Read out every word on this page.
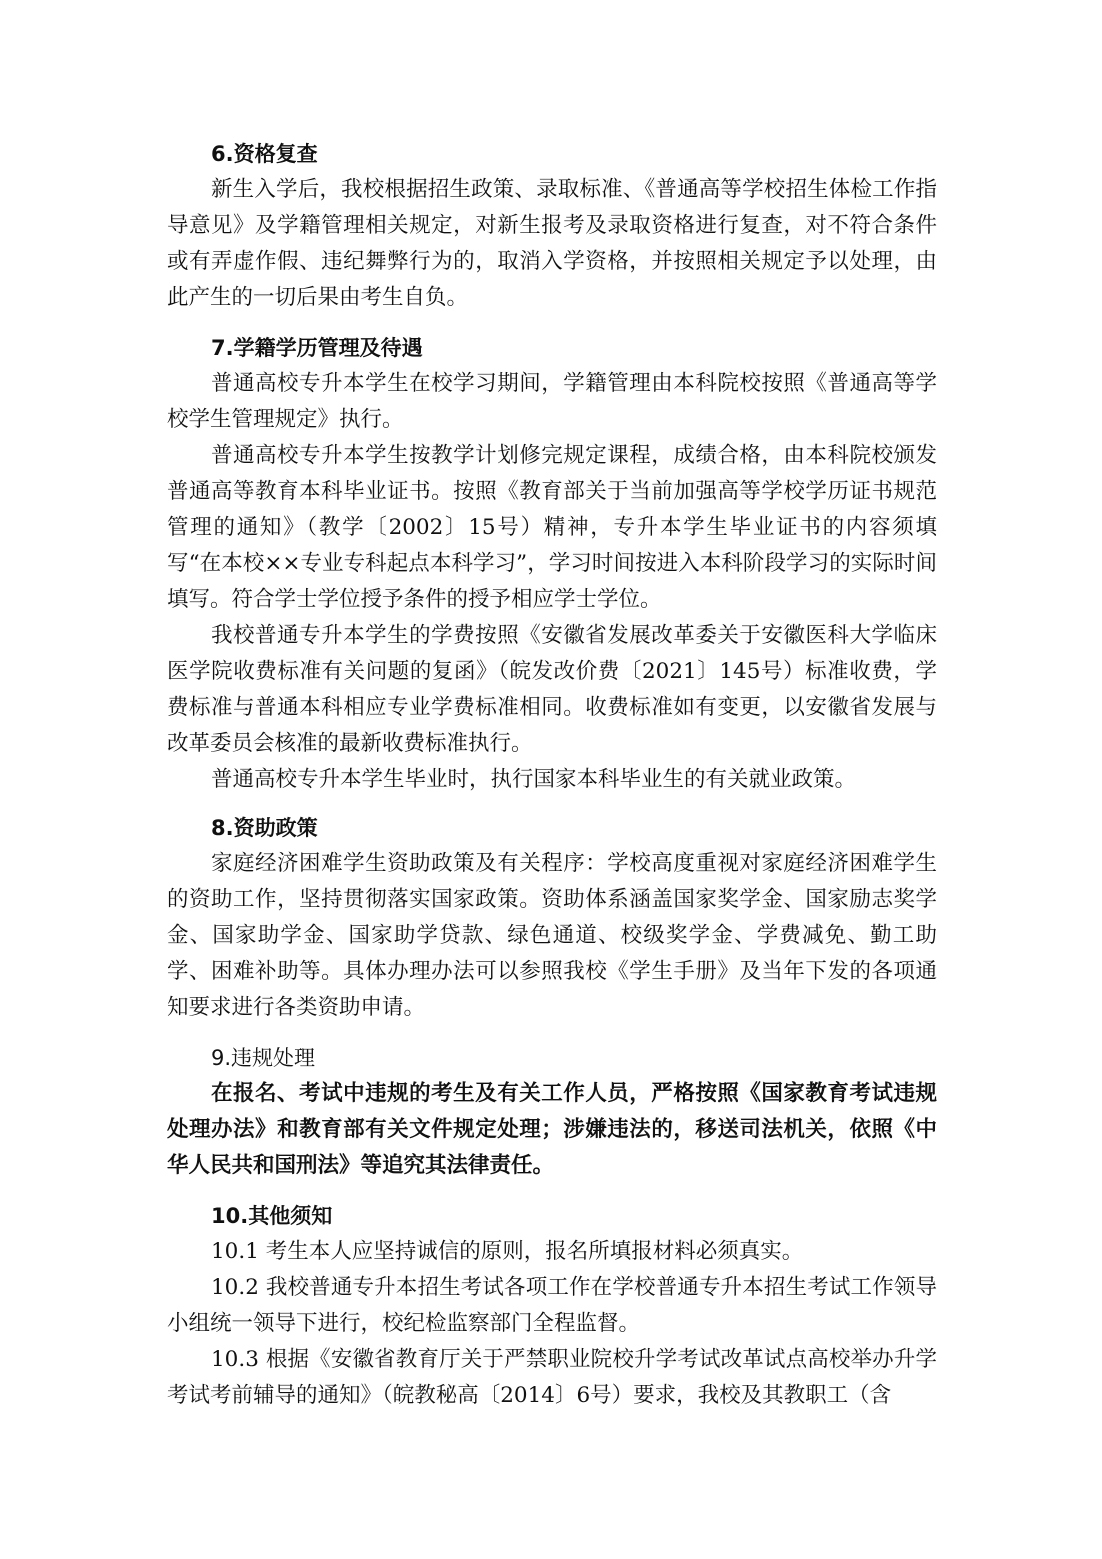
6.资格复查

新生入学后，我校根据招生政策、录取标准、《普通高等学校招生体检工作指导意见》及学籍管理相关规定，对新生报考及录取资格进行复查，对不符合条件或有弄虚作假、违纪舞弊行为的，取消入学资格，并按照相关规定予以处理，由此产生的一切后果由考生自负。

7.学籍学历管理及待遇

普通高校专升本学生在校学习期间，学籍管理由本科院校按照《普通高等学校学生管理规定》执行。

普通高校专升本学生按教学计划修完规定课程，成绩合格，由本科院校颁发普通高等教育本科毕业证书。按照《教育部关于当前加强高等学校学历证书规范管理的通知》（教学〔2002〕15号）精神，专升本学生毕业证书的内容须填写“在本校××专业专科起点本科学习”，学习时间按进入本科阶段学习的实际时间填写。符合学士学位授予条件的授予相应学士学位。

我校普通专升本学生的学费按照《安徽省发展改革委关于安徽医科大学临床医学院收费标准有关问题的复函》（皖发改价费〔2021〕145号）标准收费，学费标准与普通本科相应专业学费标准相同。收费标准如有变更，以安徽省发展与改革委员会核准的最新收费标准执行。

普通高校专升本学生毕业时，执行国家本科毕业生的有关就业政策。

8.资助政策

家庭经济困难学生资助政策及有关程序：学校高度重视对家庭经济困难学生的资助工作，坚持贯彻落实国家政策。资助体系涵盖国家奖学金、国家励志奖学金、国家助学金、国家助学贷款、绿色通道、校级奖学金、学费减免、勤工助学、困难补助等。具体办理办法可以参照我校《学生手册》及当年下发的各项通知要求进行各类资助申请。

9.违规处理

在报名、考试中违规的考生及有关工作人员，严格按照《国家教育考试违规处理办法》和教育部有关文件规定处理；涉嫌违法的，移送司法机关，依照《中华人民共和国刑法》等追究其法律责任。

10.其他须知

10.1 考生本人应坚持诚信的原则，报名所填报材料必须真实。

10.2 我校普通专升本招生考试各项工作在学校普通专升本招生考试工作领导小组统一领导下进行，校纪检监察部门全程监督。

10.3 根据《安徽省教育厅关于严禁职业院校升学考试改革试点高校举办升学考试考前辅导的通知》（皖教秘高〔2014〕6号）要求，我校及其教职工（含
